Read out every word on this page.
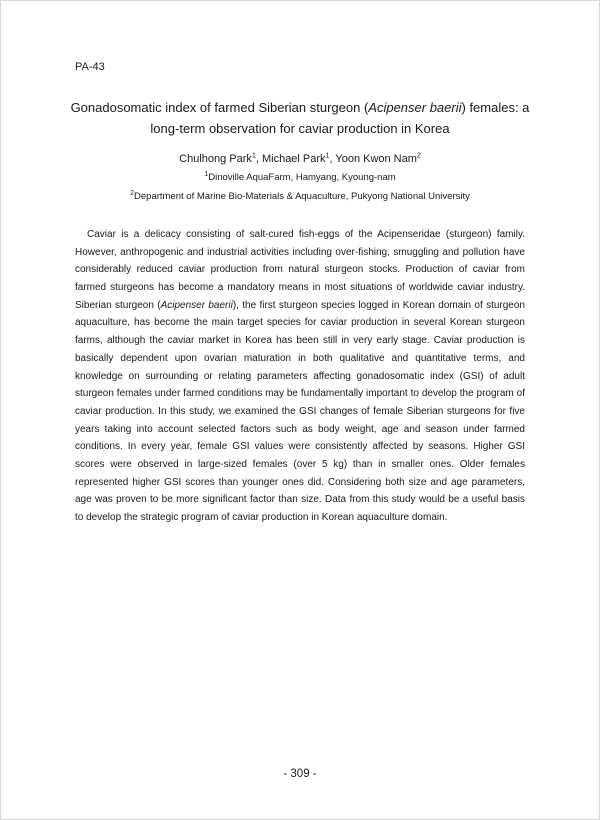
PA-43
Gonadosomatic index of farmed Siberian sturgeon (Acipenser baerii) females: a
long-term observation for caviar production in Korea
Chulhong Park$^1$, Michael Park$^1$, Yoon Kwon Nam$^2$
$^1$Dinoville AquaFarm, Hamyang, Kyoung-nam
$^2$Department of Marine Bio-Materials & Aquaculture, Pukyong National University
Caviar is a delicacy consisting of salt-cured fish-eggs of the Acipenseridae (sturgeon) family.
However, anthropogenic and industrial activities including over-fishing, smuggling and pollution have
considerably reduced caviar production from natural sturgeon stocks. Production of caviar from
farmed sturgeons has become a mandatory means in most situations of worldwide caviar industry.
Siberian sturgeon (Acipenser baerii), the first sturgeon species logged in Korean domain of sturgeon
aquaculture, has become the main target species for caviar production in several Korean sturgeon
farms, although the caviar market in Korea has been still in very early stage. Caviar production is
basically dependent upon ovarian maturation in both qualitative and quantitative terms, and
knowledge on surrounding or relating parameters affecting gonadosomatic index (GSI) of adult
sturgeon females under farmed conditions may be fundamentally important to develop the program of
caviar production. In this study, we examined the GSI changes of female Siberian sturgeons for five
years taking into account selected factors such as body weight, age and season under farmed
conditions. In every year, female GSI values were consistently affected by seasons. Higher GSI
scores were observed in large-sized females (over 5 kg) than in smaller ones. Older females
represented higher GSI scores than younger ones did. Considering both size and age parameters,
age was proven to be more significant factor than size. Data from this study would be a useful basis
to develop the strategic program of caviar production in Korean aquaculture domain.
- 309 -
